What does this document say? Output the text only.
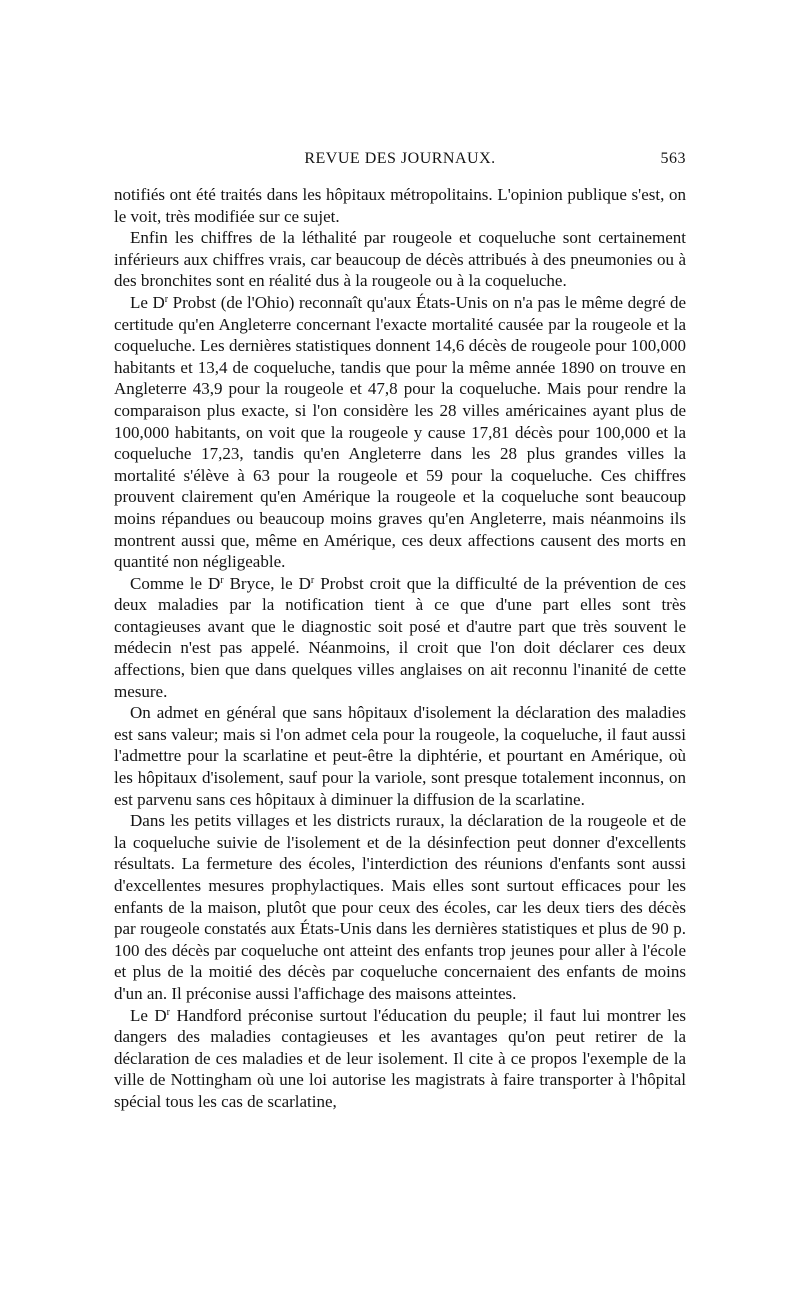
REVUE DES JOURNAUX.	563

notifiés ont été traités dans les hôpitaux métropolitains. L'opinion publique s'est, on le voit, très modifiée sur ce sujet.

Enfin les chiffres de la léthalité par rougeole et coqueluche sont certainement inférieurs aux chiffres vrais, car beaucoup de décès attribués à des pneumonies ou à des bronchites sont en réalité dus à la rougeole ou à la coqueluche.

Le $D^r$ Probst (de l'Ohio) reconnaît qu'aux États-Unis on n'a pas le même degré de certitude qu'en Angleterre concernant l'exacte mortalité causée par la rougeole et la coqueluche. Les dernières statistiques donnent 14,6 décès de rougeole pour 100,000 habitants et 13,4 de coqueluche, tandis que pour la même année 1890 on trouve en Angleterre 43,9 pour la rougeole et 47,8 pour la coqueluche. Mais pour rendre la comparaison plus exacte, si l'on considère les 28 villes américaines ayant plus de 100,000 habitants, on voit que la rougeole y cause 17,81 décès pour 100,000 et la coqueluche 17,23, tandis qu'en Angleterre dans les 28 plus grandes villes la mortalité s'élève à 63 pour la rougeole et 59 pour la coqueluche. Ces chiffres prouvent clairement qu'en Amérique la rougeole et la coqueluche sont beaucoup moins répandues ou beaucoup moins graves qu'en Angleterre, mais néanmoins ils montrent aussi que, même en Amérique, ces deux affections causent des morts en quantité non négligeable.

Comme le $D^r$ Bryce, le $D^r$ Probst croit que la difficulté de la prévention de ces deux maladies par la notification tient à ce que d'une part elles sont très contagieuses avant que le diagnostic soit posé et d'autre part que très souvent le médecin n'est pas appelé. Néanmoins, il croit que l'on doit déclarer ces deux affections, bien que dans quelques villes anglaises on ait reconnu l'inanité de cette mesure.

On admet en général que sans hôpitaux d'isolement la déclaration des maladies est sans valeur; mais si l'on admet cela pour la rougeole, la coqueluche, il faut aussi l'admettre pour la scarlatine et peut-être la diphtérie, et pourtant en Amérique, où les hôpitaux d'isolement, sauf pour la variole, sont presque totalement inconnus, on est parvenu sans ces hôpitaux à diminuer la diffusion de la scarlatine.

Dans les petits villages et les districts ruraux, la déclaration de la rougeole et de la coqueluche suivie de l'isolement et de la désinfection peut donner d'excellents résultats. La fermeture des écoles, l'interdiction des réunions d'enfants sont aussi d'excellentes mesures prophylactiques. Mais elles sont surtout efficaces pour les enfants de la maison, plutôt que pour ceux des écoles, car les deux tiers des décès par rougeole constatés aux États-Unis dans les dernières statistiques et plus de 90 p. 100 des décès par coqueluche ont atteint des enfants trop jeunes pour aller à l'école et plus de la moitié des décès par coqueluche concernaient des enfants de moins d'un an. Il préconise aussi l'affichage des maisons atteintes.

Le $D^r$ Handford préconise surtout l'éducation du peuple; il faut lui montrer les dangers des maladies contagieuses et les avantages qu'on peut retirer de la déclaration de ces maladies et de leur isolement. Il cite à ce propos l'exemple de la ville de Nottingham où une loi autorise les magistrats à faire transporter à l'hôpital spécial tous les cas de scarlatine,
